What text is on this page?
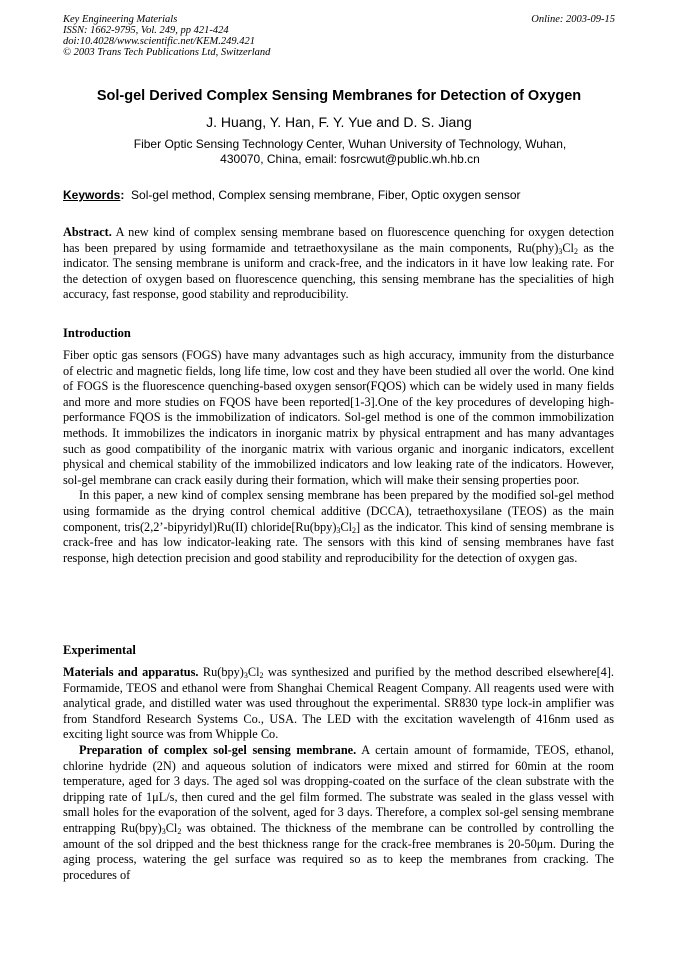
Key Engineering Materials
ISSN: 1662-9795, Vol. 249, pp 421-424
doi:10.4028/www.scientific.net/KEM.249.421
© 2003 Trans Tech Publications Ltd, Switzerland
Online: 2003-09-15
Sol-gel Derived Complex Sensing Membranes for Detection of Oxygen
J. Huang, Y. Han, F. Y. Yue and D. S. Jiang
Fiber Optic Sensing Technology Center, Wuhan University of Technology, Wuhan,
430070, China, email: fosrcwut@public.wh.hb.cn
Keywords: Sol-gel method, Complex sensing membrane, Fiber, Optic oxygen sensor

Abstract. A new kind of complex sensing membrane based on fluorescence quenching for oxygen detection has been prepared by using formamide and tetraethoxysilane as the main components, $Ru(phy)_3Cl_2$ as the indicator. The sensing membrane is uniform and crack-free, and the indicators in it have low leaking rate. For the detection of oxygen based on fluorescence quenching, this sensing membrane has the specialities of high accuracy, fast response, good stability and reproducibility.

Introduction

Fiber optic gas sensors (FOGS) have many advantages such as high accuracy, immunity from the disturbance of electric and magnetic fields, long life time, low cost and they have been studied all over the world. One kind of FOGS is the fluorescence quenching-based oxygen sensor(FQOS) which can be widely used in many fields and more and more studies on FQOS have been reported[1-3].One of the key procedures of developing high-performance FQOS is the immobilization of indicators. Sol-gel method is one of the common immobilization methods. It immobilizes the indicators in inorganic matrix by physical entrapment and has many advantages such as good compatibility of the inorganic matrix with various organic and inorganic indicators, excellent physical and chemical stability of the immobilized indicators and low leaking rate of the indicators. However, sol-gel membrane can crack easily during their formation, which will make their sensing properties poor.

In this paper, a new kind of complex sensing membrane has been prepared by the modified sol-gel method using formamide as the drying control chemical additive (DCCA), tetraethoxysilane (TEOS) as the main component, tris(2,2’-bipyridyl)Ru(II) $chloride[Ru(bpy)_3Cl_2]$ as the indicator. This kind of sensing membrane is crack-free and has low indicator-leaking rate. The sensors with this kind of sensing membranes have fast response, high detection precision and good stability and reproducibility for the detection of oxygen gas.

Experimental

Materials and apparatus. $Ru(bpy)_3Cl_2$ was synthesized and purified by the method described elsewhere[4]. Formamide, TEOS and ethanol were from Shanghai Chemical Reagent Company. All reagents used were with analytical grade, and distilled water was used throughout the experimental. SR830 type lock-in amplifier was from Standford Research Systems Co., USA. The LED with the excitation wavelength of 416nm used as exciting light source was from Whipple Co.

Preparation of complex sol-gel sensing membrane. A certain amount of formamide, TEOS, ethanol, chlorine hydride (2N) and aqueous solution of indicators were mixed and stirred for 60min at the room temperature, aged for 3 days. The aged sol was dropping-coated on the surface of the clean substrate with the dripping rate of 1μL/s, then cured and the gel film formed. The substrate was sealed in the glass vessel with small holes for the evaporation of the solvent, aged for 3 days. Therefore, a complex sol-gel sensing membrane entrapping $Ru(bpy)_3Cl_2$ was obtained. The thickness of the membrane can be controlled by controlling the amount of the sol dripped and the best thickness range for the crack-free membranes is 20-50μm. During the aging process, watering the gel surface was required so as to keep the membranes from cracking. The procedures of
